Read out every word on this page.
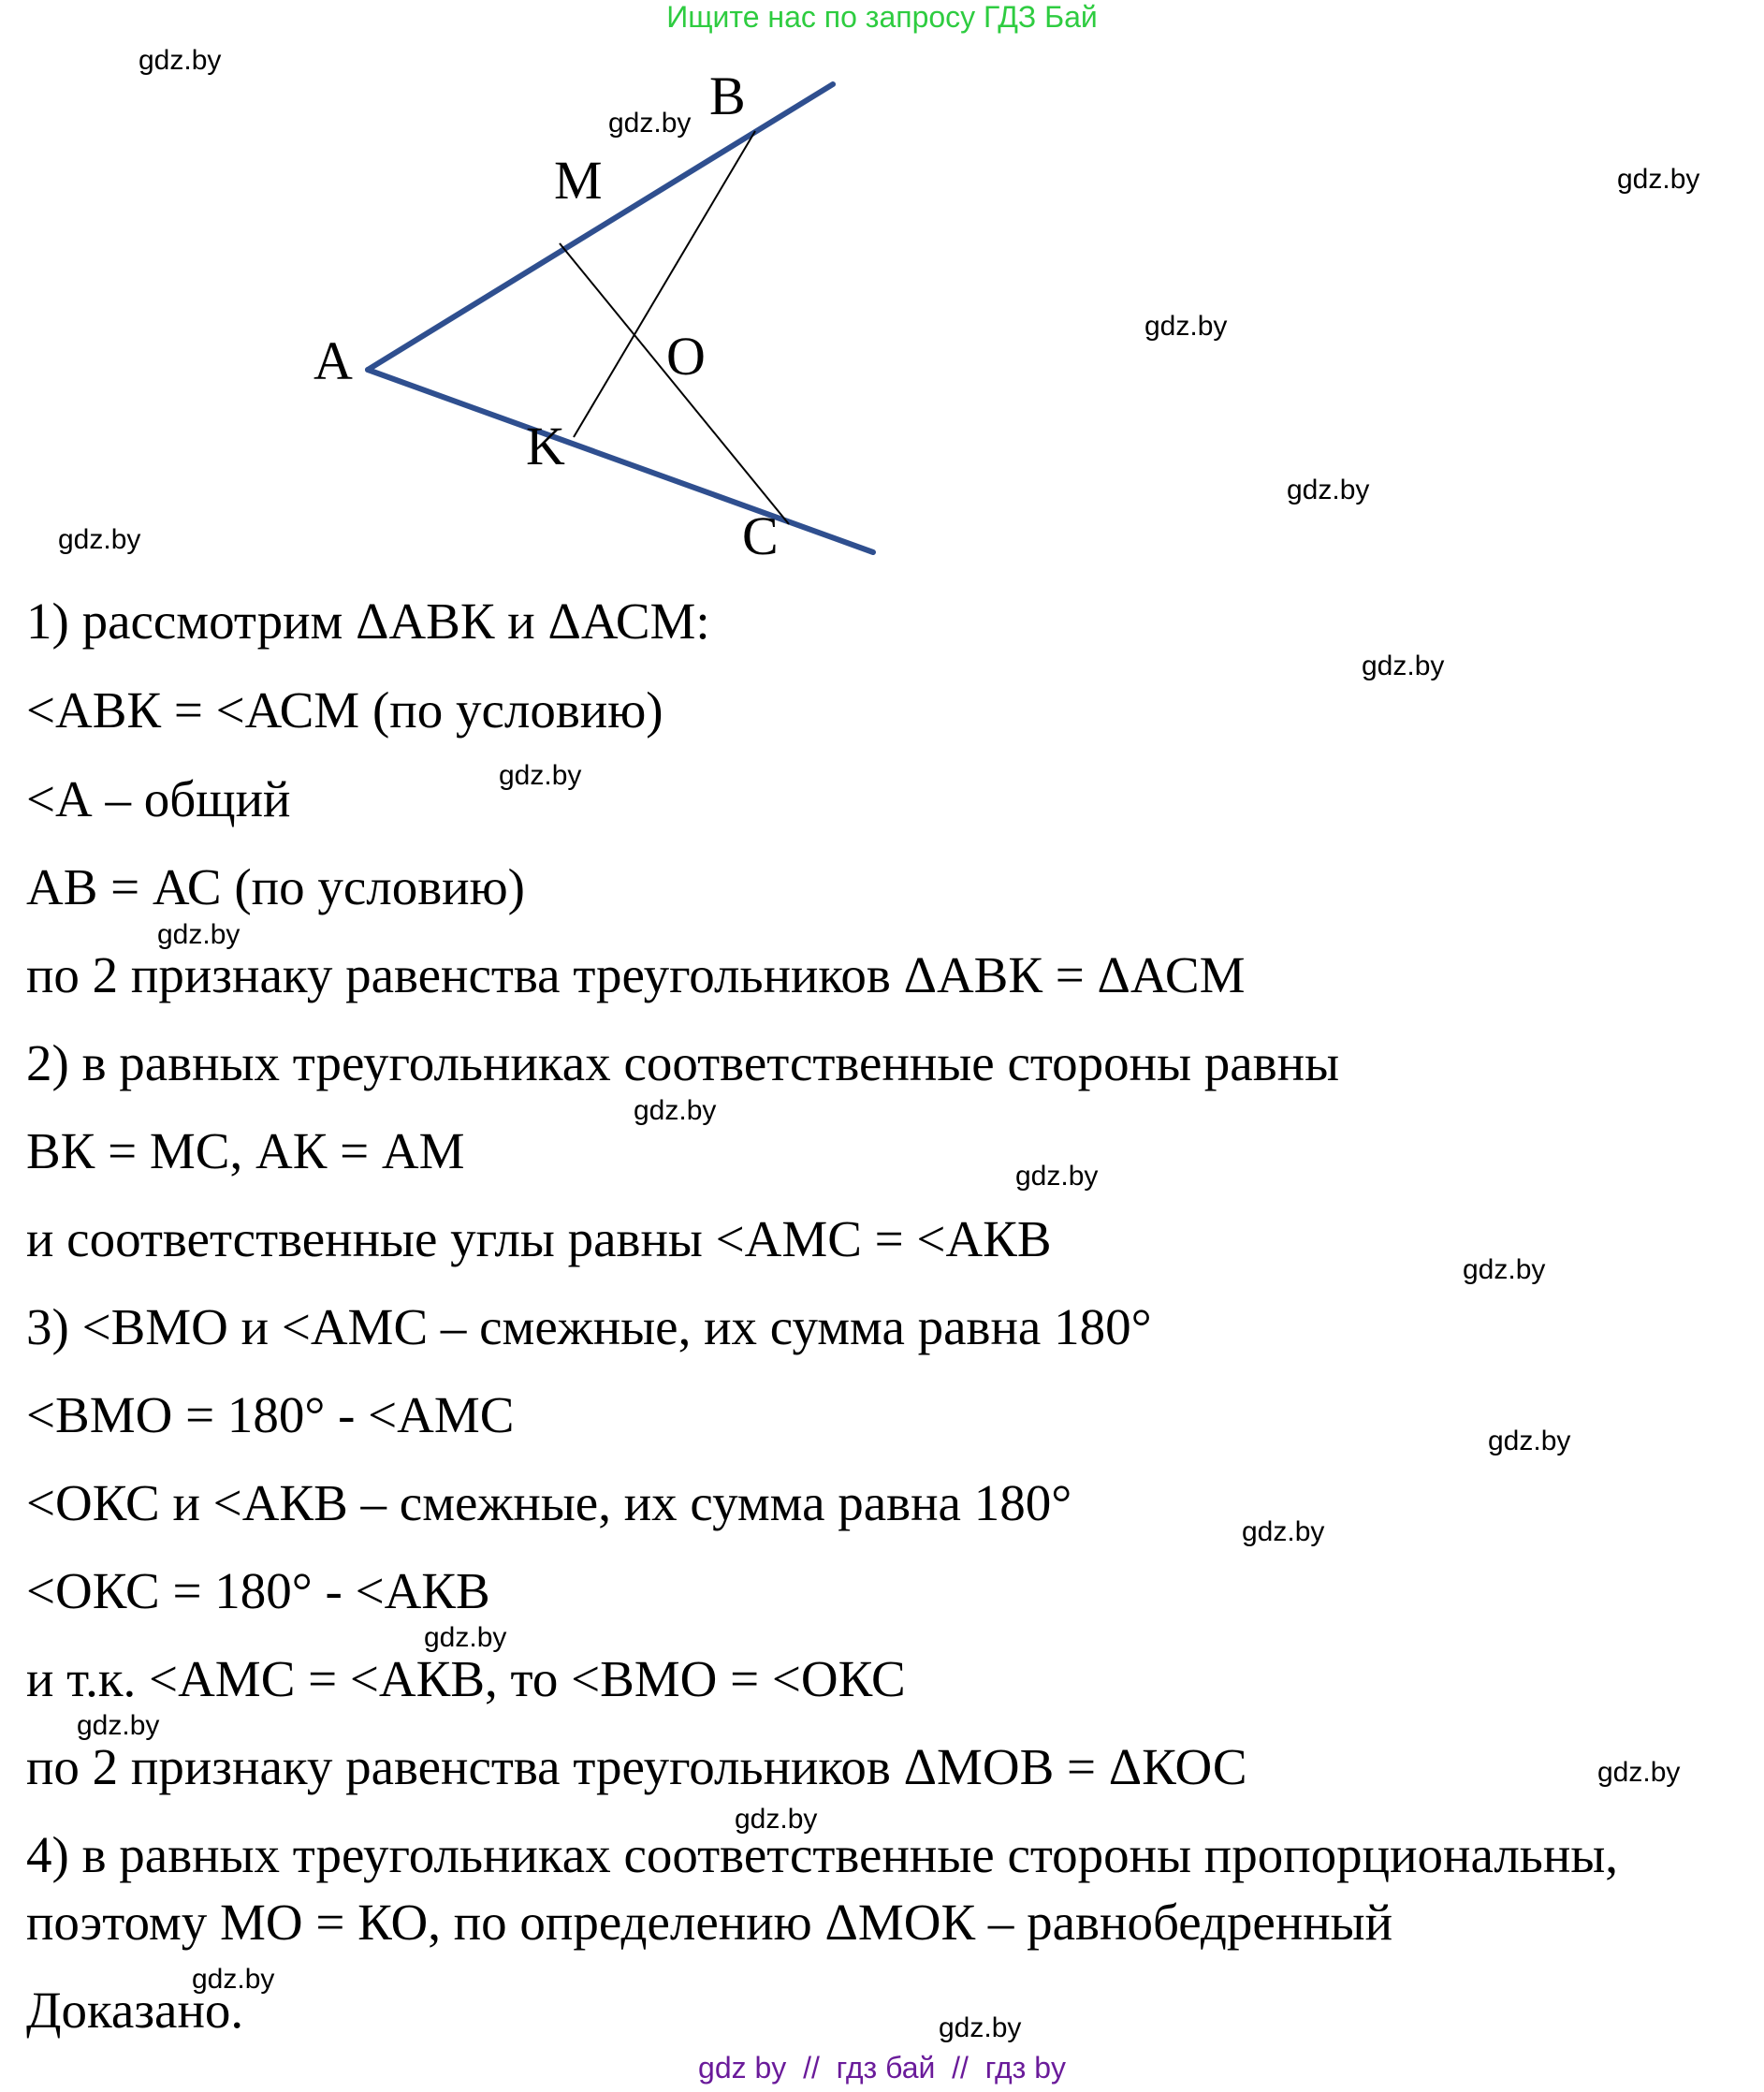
Ищите нас по запросу ГДЗ Бай
A
B
M
O
K
C
gdz.by
gdz.by
gdz.by
gdz.by
gdz.by
gdz.by
gdz.by
gdz.by
gdz.by
gdz.by
gdz.by
gdz.by
gdz.by
gdz.by
gdz.by
gdz.by
gdz.by
gdz.by
gdz.by
gdz.by
1) рассмотрим ΔАВК и ΔАСМ:
<АВК = <АСМ (по условию)
<А – общий
АВ = АС (по условию)
по 2 признаку равенства треугольников ΔАВК = ΔАСМ
2) в равных треугольниках соответственные стороны равны
ВК = МС, АК = АМ
и соответственные углы равны <АМС = <АКВ
3) <ВМО и <АМС – смежные, их сумма равна 180°
<ВМО = 180° - <АМС
<ОКС и <АКВ – смежные, их сумма равна 180°
<ОКС = 180° - <АКВ
и т.к. <АМС = <АКВ, то <ВМО = <ОКС
по 2 признаку равенства треугольников ΔМОВ = ΔКОС
4) в равных треугольниках соответственные стороны пропорциональны,
поэтому МО = КО, по определению ΔМОК – равнобедренный
Доказано.
gdz by  //  гдз бай  //  гдз by
